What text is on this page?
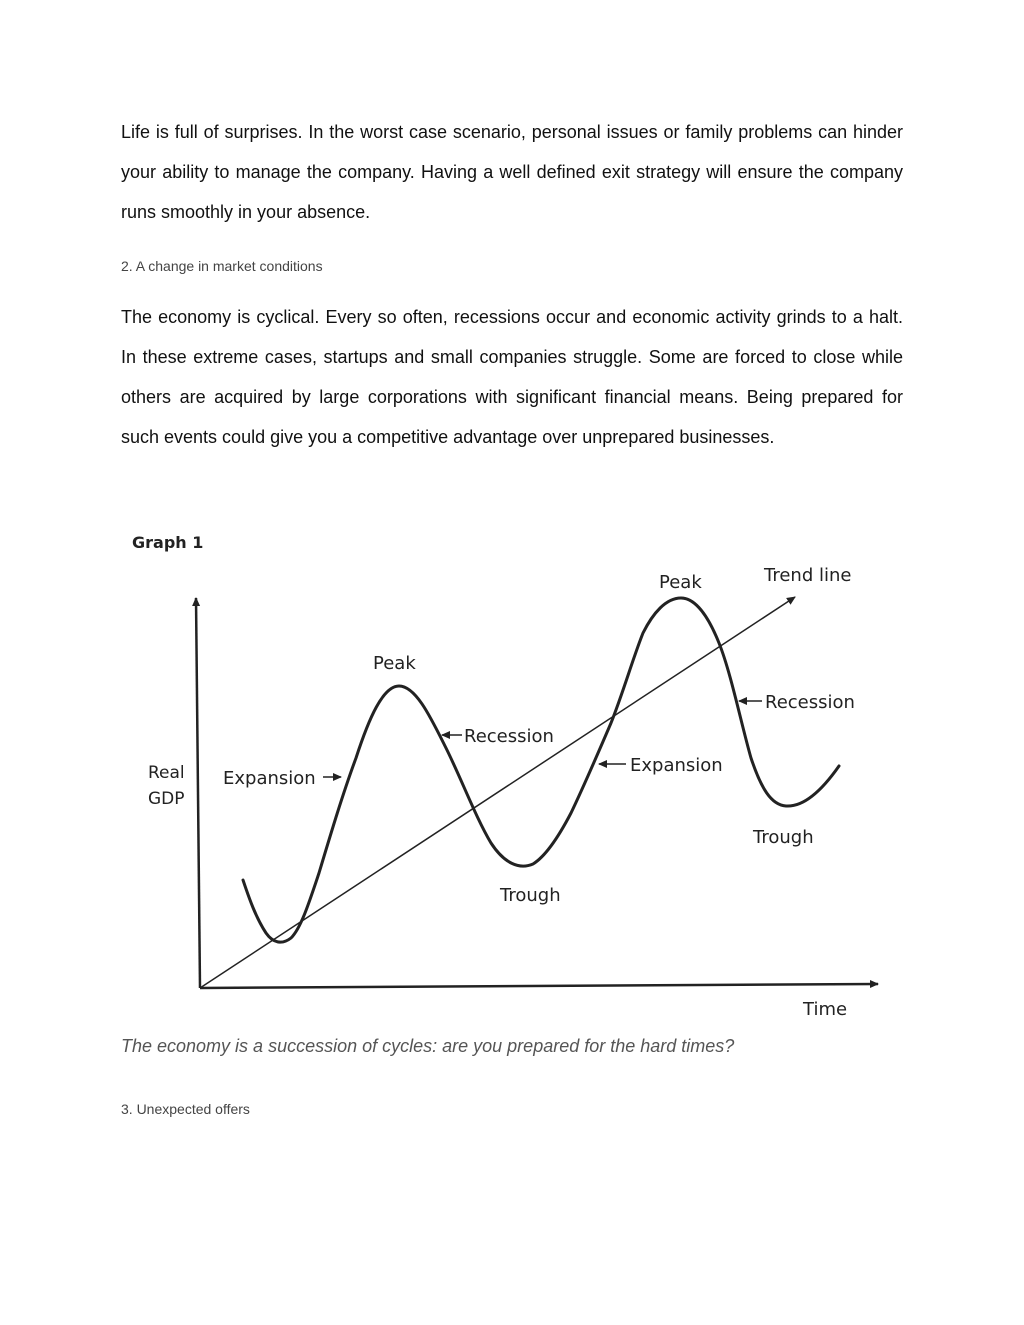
Life is full of surprises. In the worst case scenario, personal issues or family problems can hinder your ability to manage the company. Having a well defined exit strategy will ensure the company runs smoothly in your absence.

2. A change in market conditions

The economy is cyclical. Every so often, recessions occur and economic activity grinds to a halt. In these extreme cases, startups and small companies struggle. Some are forced to close while others are acquired by large corporations with significant financial means. Being prepared for such events could give you a competitive advantage over unprepared businesses.

Graph 1
Real
GDP
Time
Peak
Peak	Trend line
Recession
Recession
Expansion
Expansion
Trough
Trough

The economy is a succession of cycles: are you prepared for the hard times?

3. Unexpected offers
